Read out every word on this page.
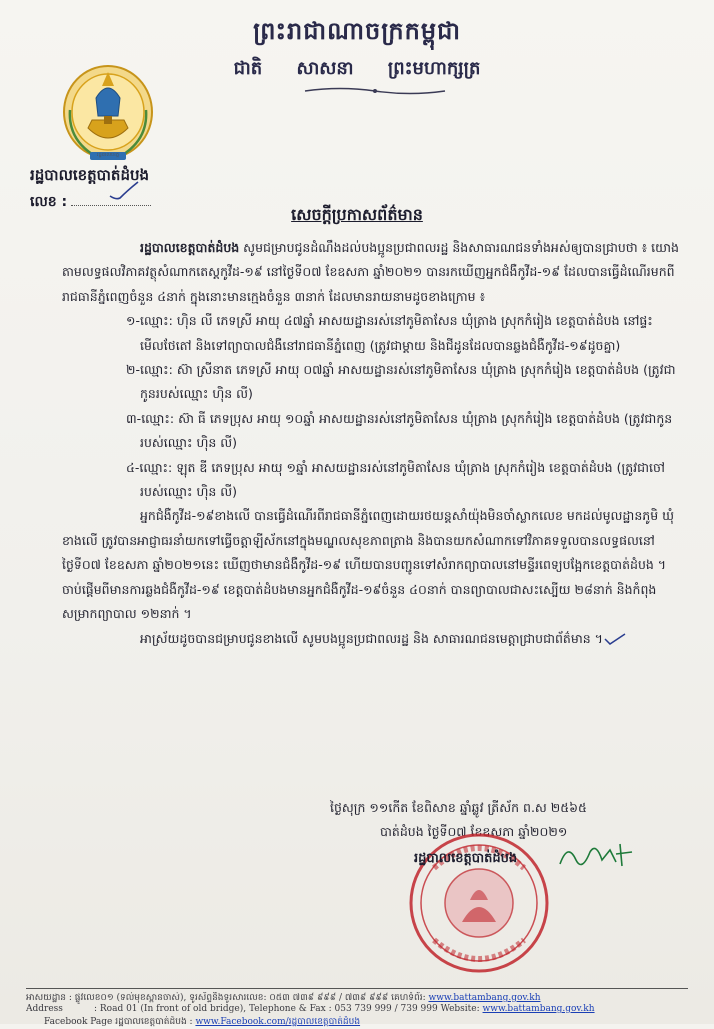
ព្រះរាជាណាចក្រកម្ពុជា
ជាតិ សាសនា ព្រះមហាក្សត្រ
រដ្ឋបាលខេត្ត
រដ្ឋបាលខេត្តបាត់ដំបង
លេខ :
សេចក្តីប្រកាសព័ត៌មាន

រដ្ឋបាលខេត្តបាត់ដំបង សូមជម្រាបជូនដំណឹងដល់បងប្អូនប្រជាពលរដ្ឋ និងសាធារណជនទាំងអស់ឲ្យបានជ្រាបថា ៖ យោងតាមលទ្ធផលវិភាគវត្ថុសំណាកតេស្តកូវីដ-១៩ នៅថ្ងៃទី០៧ ខែឧសភា ឆ្នាំ២០២១ បានរកឃើញអ្នកជំងឺកូវីដ-១៩ ដែលបានធ្វើដំណើរមកពីរាជធានីភ្នំពេញចំនួន ៤នាក់ ក្នុងនោះមានក្មេងចំនួន ៣នាក់ ដែលមានរាយនាមដូចខាងក្រោម ៖

១-ឈ្មោះ: ហ៊ិន លី ភេទស្រី អាយុ ៤៧ឆ្នាំ អាសយដ្ឋានរស់នៅភូមិតាសែន ឃុំត្រាង ស្រុកកំរៀង ខេត្តបាត់ដំបង នៅផ្ទះមើលថែតៅ និងទៅព្យាបាលជំងឺនៅរាជធានីភ្នំពេញ (ត្រូវជាម្តាយ និងជីដូនដែលបានឆ្លងជំងឺកូវីដ-១៩ដូចគ្នា)

២-ឈ្មោះ: ស៊ា ស្រីនាត ភេទស្រី អាយុ ០៧ឆ្នាំ អាសយដ្ឋានរស់នៅភូមិតាសែន ឃុំត្រាង ស្រុកកំរៀង ខេត្តបាត់ដំបង (ត្រូវជាកូនរបស់ឈ្មោះ ហ៊ិន លី)

៣-ឈ្មោះ: ស៊ា ធី ភេទប្រុស អាយុ ១០ឆ្នាំ អាសយដ្ឋានរស់នៅភូមិតាសែន ឃុំត្រាង ស្រុកកំរៀង ខេត្តបាត់ដំបង (ត្រូវជាកូនរបស់ឈ្មោះ ហ៊ិន លី)

៤-ឈ្មោះ: ឡុត ឌី ភេទប្រុស អាយុ ១ឆ្នាំ អាសយដ្ឋានរស់នៅភូមិតាសែន ឃុំត្រាង ស្រុកកំរៀង ខេត្តបាត់ដំបង (ត្រូវជាចៅរបស់ឈ្មោះ ហ៊ិន លី)

អ្នកជំងឺកូវីដ-១៩ខាងលើ បានធ្វើដំណើរពីរាជធានីភ្នំពេញដោយរថយន្តសាំយ៉ុងមិនចាំស្លាកលេខ មកដល់មូលដ្ឋានភូមិ ឃុំខាងលើ ត្រូវបានអាជ្ញាធរនាំយកទៅធ្វើចត្តាឡីស័កនៅក្នុងមណ្ឌលសុខភាពត្រាង និងបានយកសំណាកទៅវិភាគទទួលបានលទ្ធផលនៅថ្ងៃទី០៧ ខែឧសភា ឆ្នាំ២០២១នេះ ឃើញថាមានជំងឺកូវីដ-១៩ ហើយបានបញ្ជូនទៅសំរាកព្យាបាលនៅមន្ទីរពេទ្យបង្អែកខេត្តបាត់ដំបង ។ ចាប់ផ្តើមពីមានការឆ្លងជំងឺកូវីដ-១៩ ខេត្តបាត់ដំបងមានអ្នកជំងឺកូវីដ-១៩ចំនួន ៤០នាក់ បានព្យាបាលជាសះស្បើយ ២៨នាក់ និងកំពុងសម្រាកព្យាបាល ១២នាក់ ។

អាស្រ័យដូចបានជម្រាបជូនខាងលើ សូមបងប្អូនប្រជាពលរដ្ឋ និង សាធារណជនមេត្តាជ្រាបជាព័ត៌មាន ។

ថ្ងៃសុក្រ ១១កើត ខែពិសាខ ឆ្នាំឆ្លូវ ត្រីស័ក ព.ស ២៥៦៥
បាត់ដំបង ថ្ងៃទី០៧ ខែឧសភា ឆ្នាំ២០២១
រដ្ឋបាលខេត្តបាត់ដំបង
អាសយដ្ឋាន : ផ្លូវលេខ០១ (ទល់មុខស្ពានចាស់), ទូរស័ព្ទនិងទូរសារលេខ: ០៥៣ ៧៣៩ ៩៩៩ / ៧៣៩ ៩៩៩ គេហទំព័រ: www.battambang.gov.kh
Address	: Road 01 (In front of old bridge), Telephone & Fax : 053 739 999 / 739 999 Website: www.battambang.gov.kh
Facebook Page រដ្ឋបាលខេត្តបាត់ដំបង : www.Facebook.com/រដ្ឋបាលខេត្តបាត់ដំបង
